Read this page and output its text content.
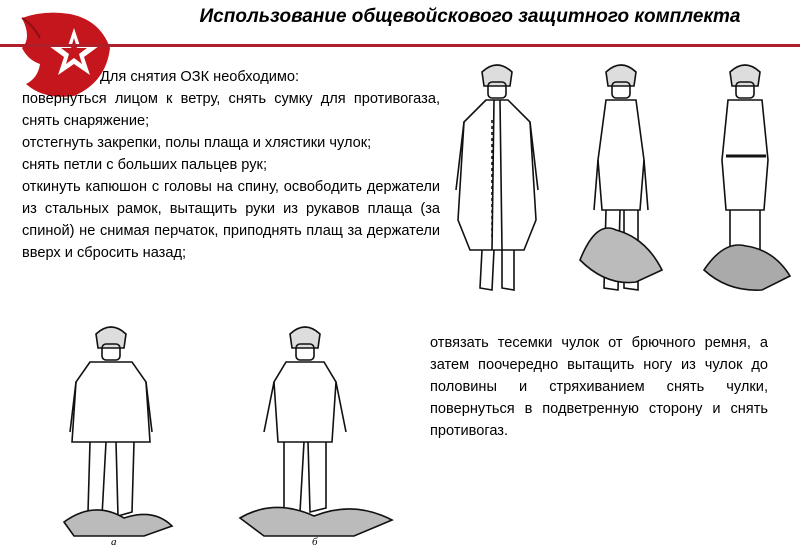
Использование общевойскового защитного комплекта

Для снятия ОЗК необходимо:

повернуться лицом к ветру, снять сумку для противогаза, снять снаряжение;

отстегнуть закрепки, полы плаща и хлястики чулок;

снять петли с больших пальцев рук;

откинуть капюшон с головы на спину, освободить держатели из стальных рамок, вытащить руки из рукавов плаща (за спиной) не снимая перчаток, приподнять плащ за держатели вверх и сбросить назад;

отвязать тесемки чулок от брючного ремня, а затем поочередно вытащить ногу из чулок до половины и стряхиванием снять чулки, повернуться в подветренную сторону и снять противогаз.

а	б
